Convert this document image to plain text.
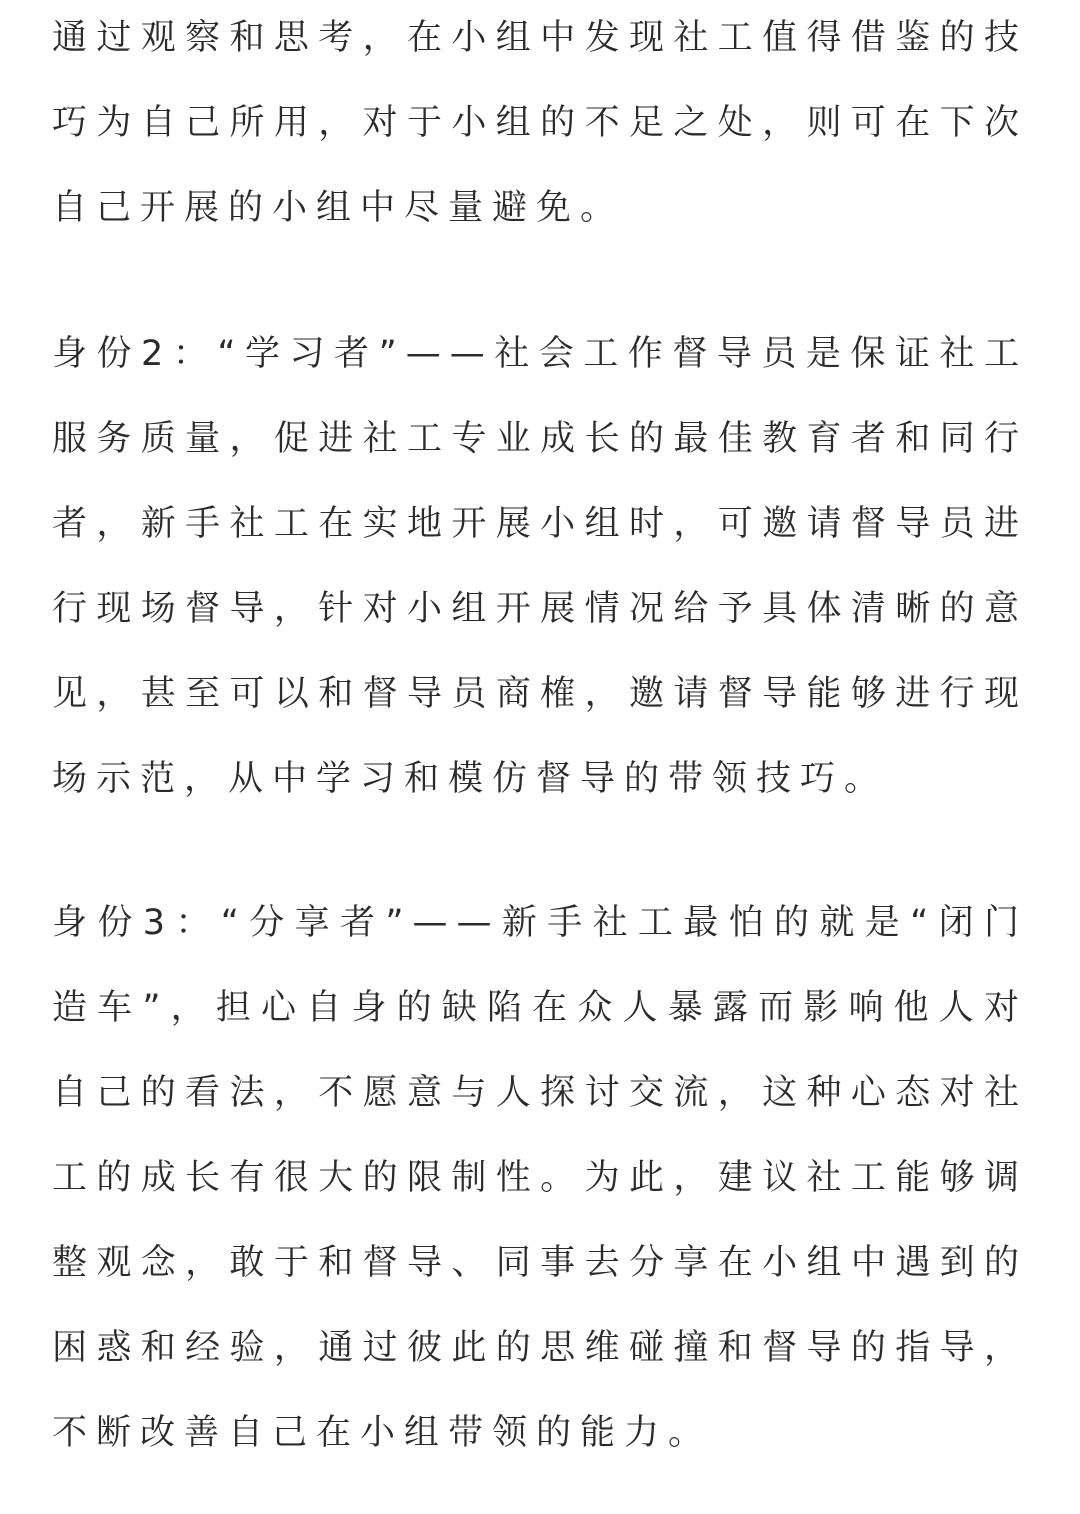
通过观察和思考，在小组中发现社工值得借鉴的技巧为自己所用，对于小组的不足之处，则可在下次自己开展的小组中尽量避免。

身份2：“学习者”——社会工作督导员是保证社工服务质量，促进社工专业成长的最佳教育者和同行者，新手社工在实地开展小组时，可邀请督导员进行现场督导，针对小组开展情况给予具体清晰的意见，甚至可以和督导员商榷，邀请督导能够进行现场示范，从中学习和模仿督导的带领技巧。

身份3：“分享者”——新手社工最怕的就是“闭门造车”，担心自身的缺陷在众人暴露而影响他人对自己的看法，不愿意与人探讨交流，这种心态对社工的成长有很大的限制性。为此，建议社工能够调整观念，敢于和督导、同事去分享在小组中遇到的困惑和经验，通过彼此的思维碰撞和督导的指导，不断改善自己在小组带领的能力。
